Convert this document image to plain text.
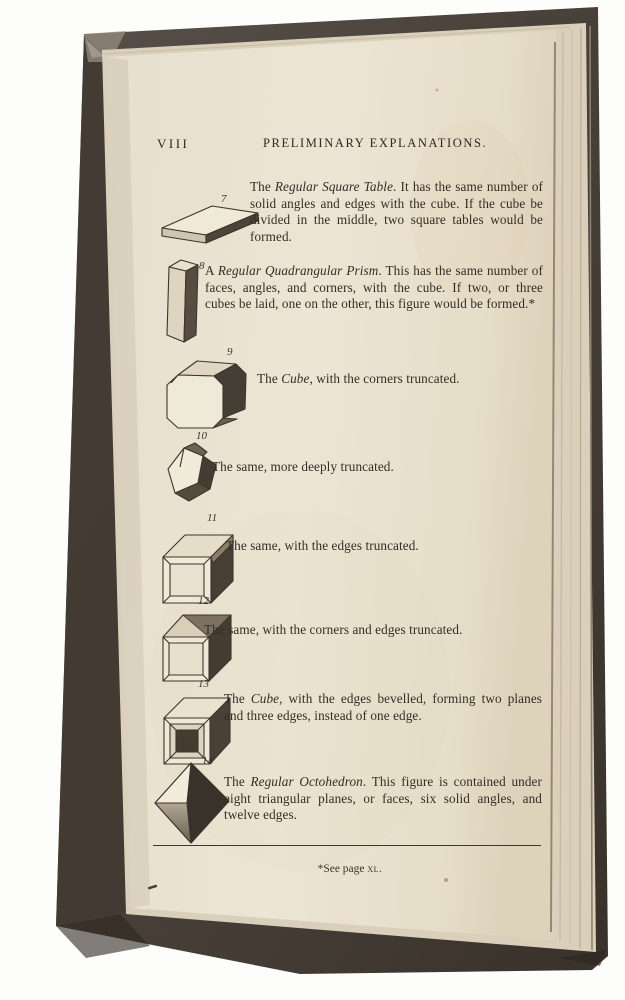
VIII	PRELIMINARY EXPLANATIONS.
7

The Regular Square Table. It has the same number of solid angles and edges with the cube. If the cube be divided in the middle, two square tables would be formed.

8 A Regular Quadrangular Prism. This has the same number of faces, angles, and corners, with the cube. If two, or three cubes be laid, one on the other, this figure would be formed.*

9

The Cube, with the corners truncated.

10

The same, more deeply truncated.

11

The same, with the edges truncated.

12

The same, with the corners and edges truncated.

13

The Cube, with the edges bevelled, forming two planes and three edges, instead of one edge.

14

The Regular Octohedron. This figure is contained under eight triangular planes, or faces, six solid angles, and twelve edges.

*See page xl.
